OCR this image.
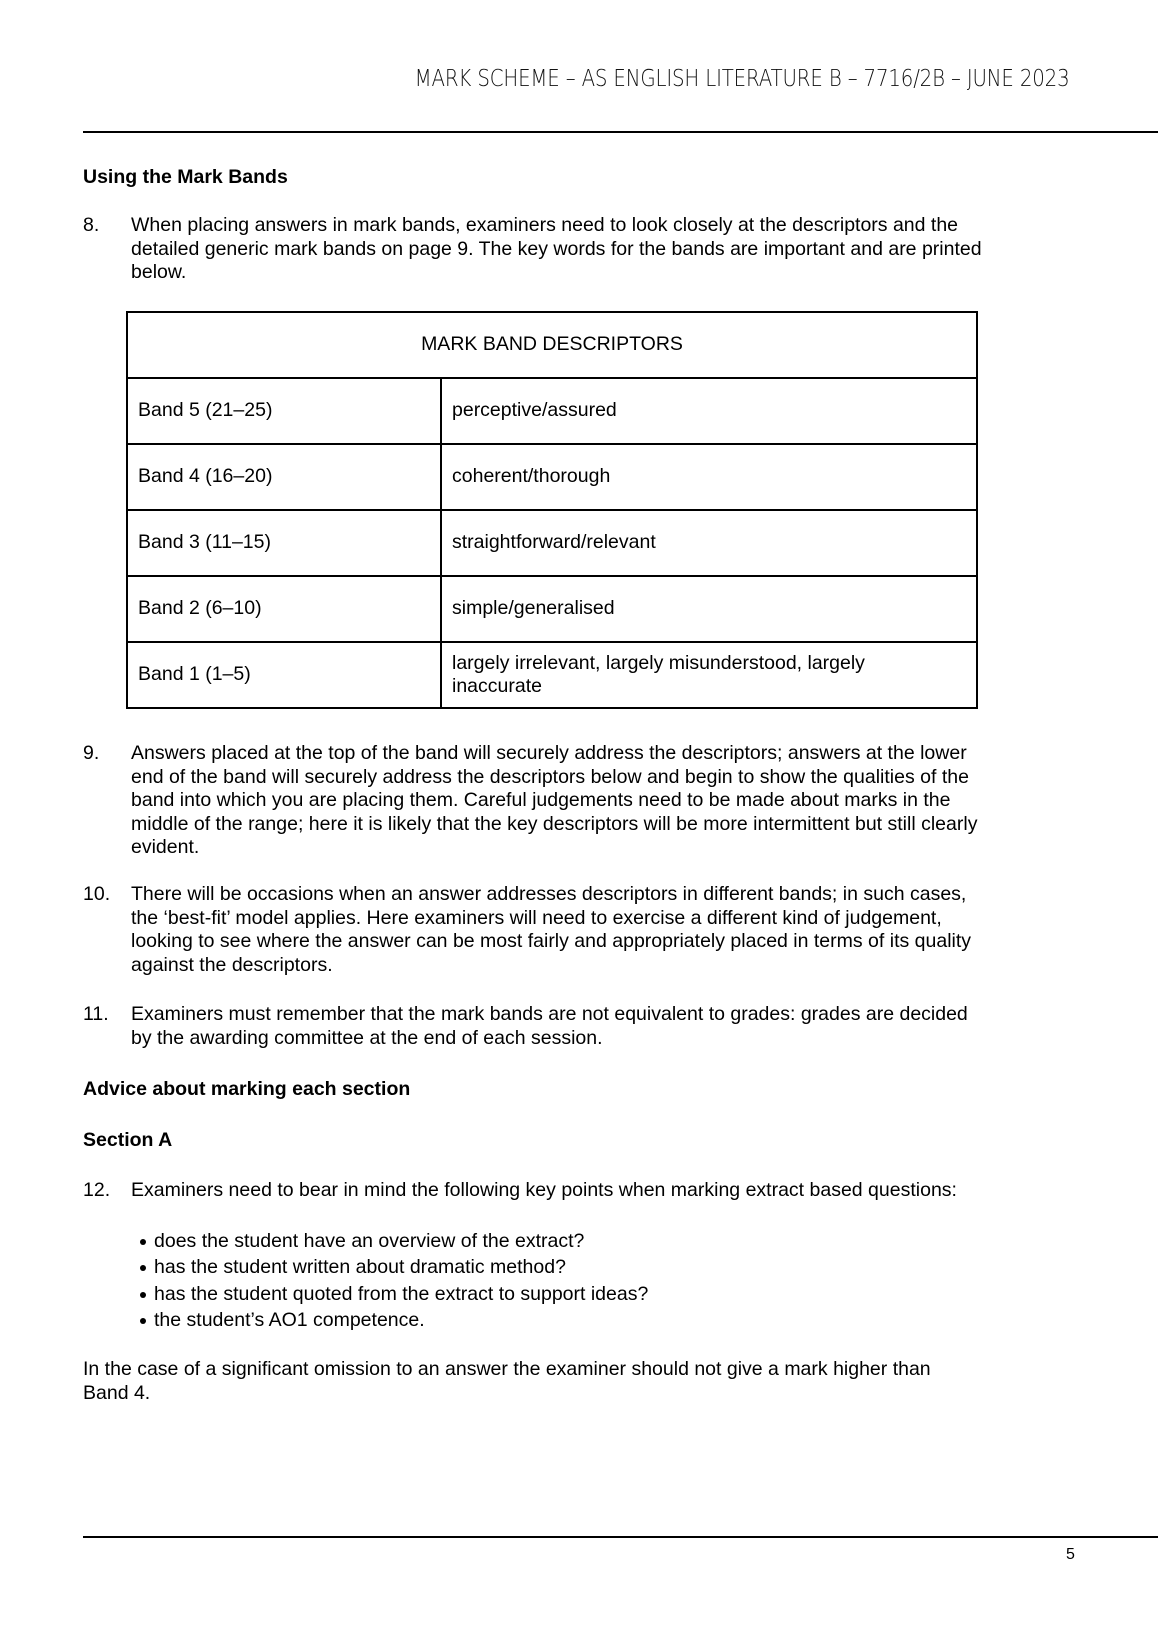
MARK SCHEME – AS ENGLISH LITERATURE B – 7716/2B – JUNE 2023
Using the Mark Bands
8. When placing answers in mark bands, examiners need to look closely at the descriptors and the
detailed generic mark bands on page 9. The key words for the bands are important and are printed
below.
MARK BAND DESCRIPTORS	
Band 5 (21–25)	perceptive/assured
Band 4 (16–20)	coherent/thorough
Band 3 (11–15)	straightforward/relevant
Band 2 (6–10)	simple/generalised
Band 1 (1–5)	largely irrelevant, largely misunderstood, largely inaccurate
9. Answers placed at the top of the band will securely address the descriptors; answers at the lower
end of the band will securely address the descriptors below and begin to show the qualities of the
band into which you are placing them. Careful judgements need to be made about marks in the
middle of the range; here it is likely that the key descriptors will be more intermittent but still clearly
evident.
10. There will be occasions when an answer addresses descriptors in different bands; in such cases,
the ‘best-fit’ model applies. Here examiners will need to exercise a different kind of judgement,
looking to see where the answer can be most fairly and appropriately placed in terms of its quality
against the descriptors.
11. Examiners must remember that the mark bands are not equivalent to grades: grades are decided
by the awarding committee at the end of each session.
Advice about marking each section
Section A
12. Examiners need to bear in mind the following key points when marking extract based questions:
does the student have an overview of the extract?
has the student written about dramatic method?
has the student quoted from the extract to support ideas?
the student’s AO1 competence.
In the case of a significant omission to an answer the examiner should not give a mark higher than
Band 4.
5
